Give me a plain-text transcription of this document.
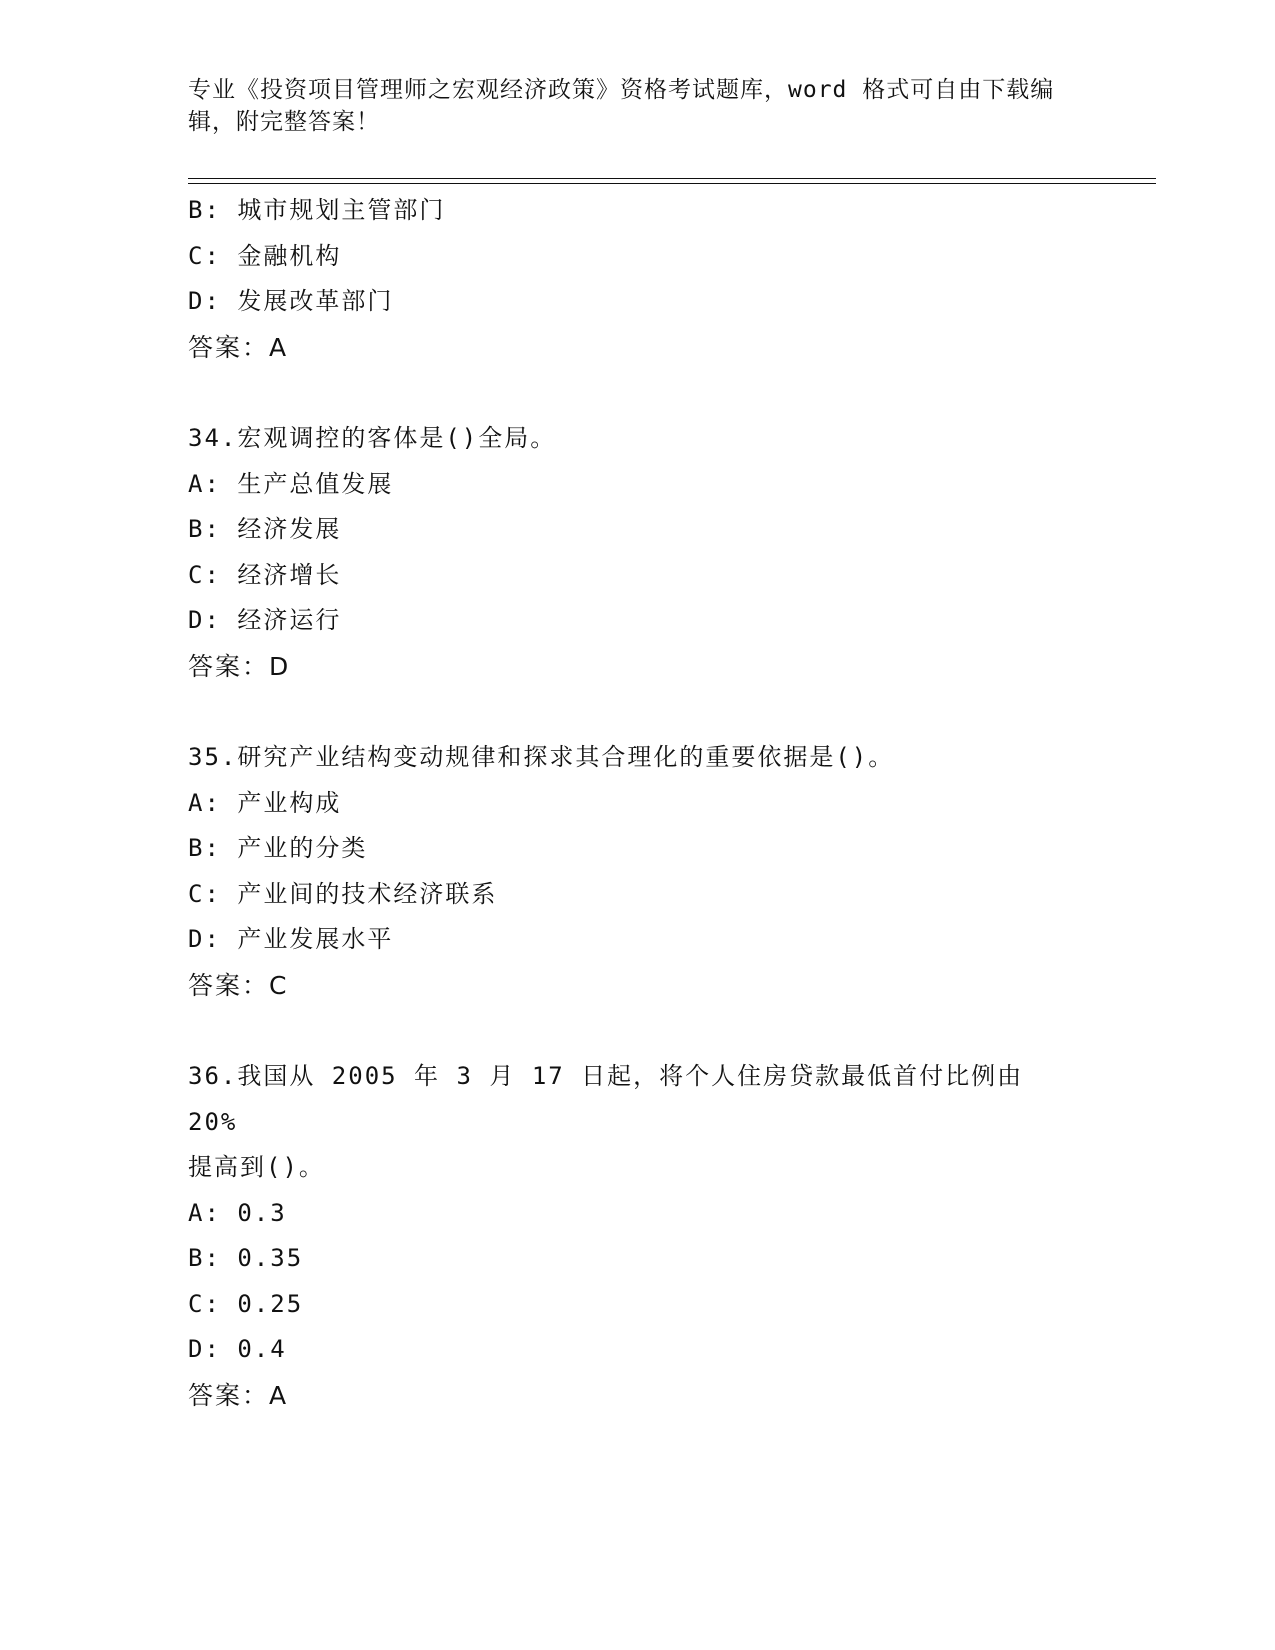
专业《投资项目管理师之宏观经济政策》资格考试题库，word 格式可自由下载编
辑，附完整答案！
B: 城市规划主管部门
C: 金融机构
D: 发展改革部门
答案：A
34.宏观调控的客体是()全局。
A: 生产总值发展
B: 经济发展
C: 经济增长
D: 经济运行
答案：D
35.研究产业结构变动规律和探求其合理化的重要依据是()。
A: 产业构成
B: 产业的分类
C: 产业间的技术经济联系
D: 产业发展水平
答案：C
36.我国从 2005 年 3 月 17 日起，将个人住房贷款最低首付比例由 20%
提高到()。
A: 0.3
B: 0.35
C: 0.25
D: 0.4
答案：A
